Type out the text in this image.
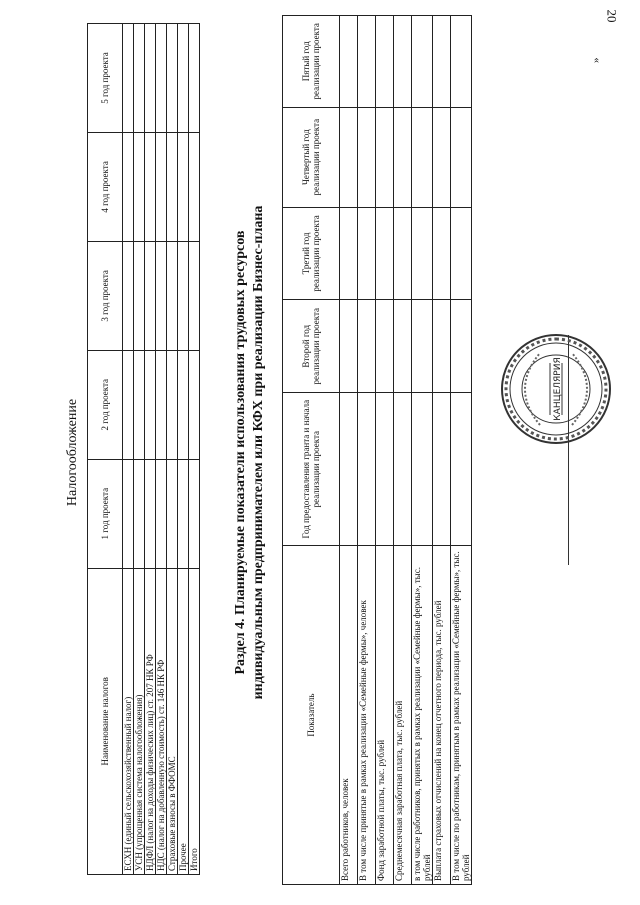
20
Налогообложение
Наименование налогов	1 год проекта	2 год проекта	3 год проекта	4 год проекта	5 год проекта
ЕСХН (единый сельскохозяйственный налог)					
УСН (упрощенная система налогообложения)					
НДФЛ (налог на доходы физических лиц) ст. 207 НК РФ					
НДС (налог на добавленную стоимость) ст. 146 НК РФ					
Страховые взносы в ФФОМС					
Прочее					
Итого					
Раздел 4. Планируемые показатели использования трудовых ресурсов индивидуальным предпринимателем или КФХ при реализации Бизнес-плана
Показатель	Год предоставления гранта и начала реализации проекта	Второй год реализации проекта	Третий год реализации проекта	Четвертый год реализации проекта	Пятый год реализации проекта
Всего работников, человек					
В том числе принятые в рамках реализации «Семейные фермы», человек					
Фонд заработной платы, тыс. рублей					
Среднемесячная заработная плата, тыс. рублей					
в том числе работников, принятых в рамках реализации «Семейные фермы», тыс. рублей					
Выплата страховых отчислений на конец отчетного периода, тыс. рублей					
В том числе по работникам, принятым в рамках реализации «Семейные фермы», тыс. рублей					
КАНЦЕЛЯРИЯ
»
